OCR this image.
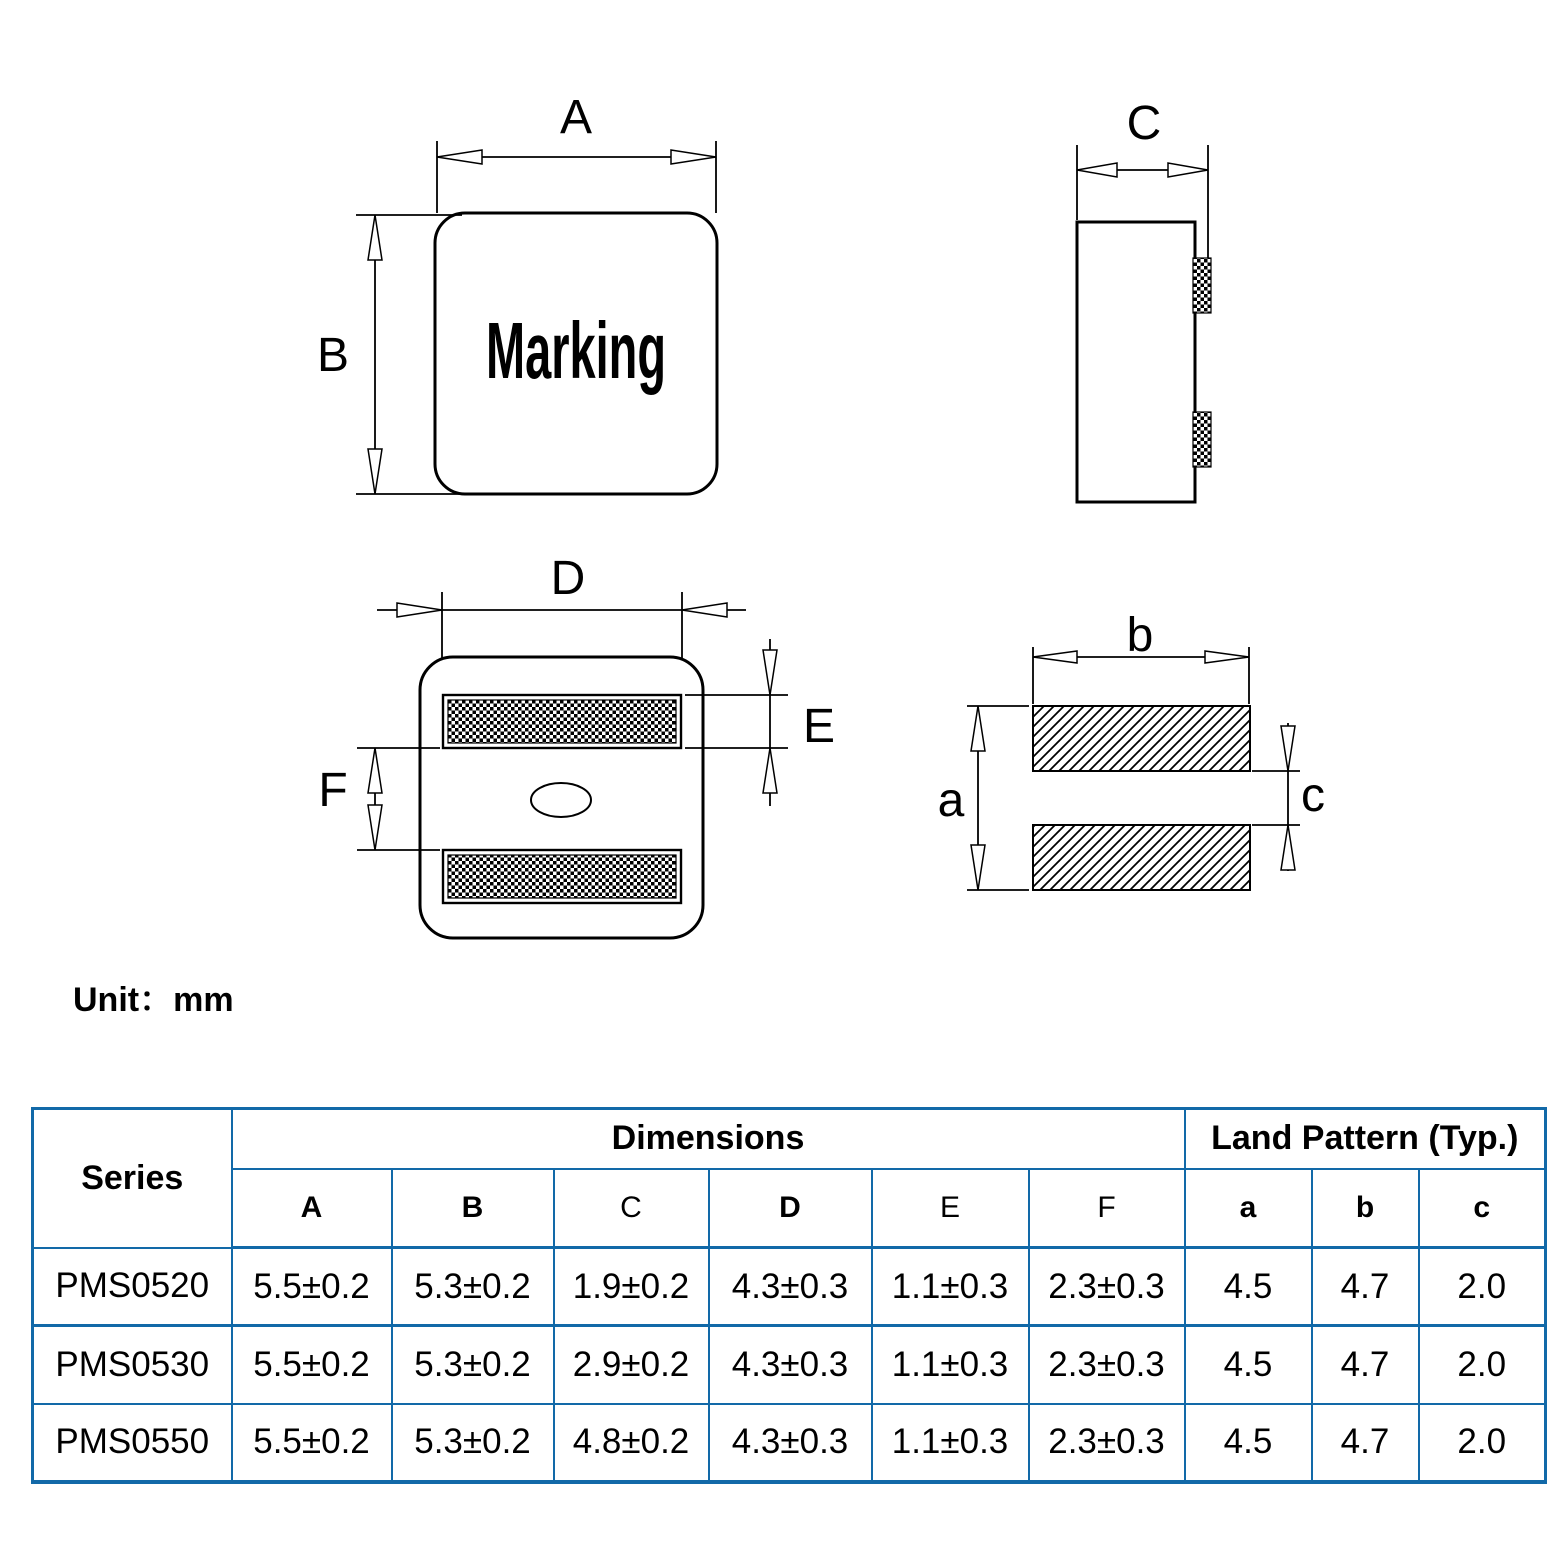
A
Marking
B
C
D
E
F
b
a	c
Unit：mm
Series	Dimensions						Land Pattern (Typ.)		
	A	B	C	D	E	F	a	b	c
PMS0520	5.5±0.2	5.3±0.2	1.9±0.2	4.3±0.3	1.1±0.3	2.3±0.3	4.5	4.7	2.0
PMS0530	5.5±0.2	5.3±0.2	2.9±0.2	4.3±0.3	1.1±0.3	2.3±0.3	4.5	4.7	2.0
PMS0550	5.5±0.2	5.3±0.2	4.8±0.2	4.3±0.3	1.1±0.3	2.3±0.3	4.5	4.7	2.0
